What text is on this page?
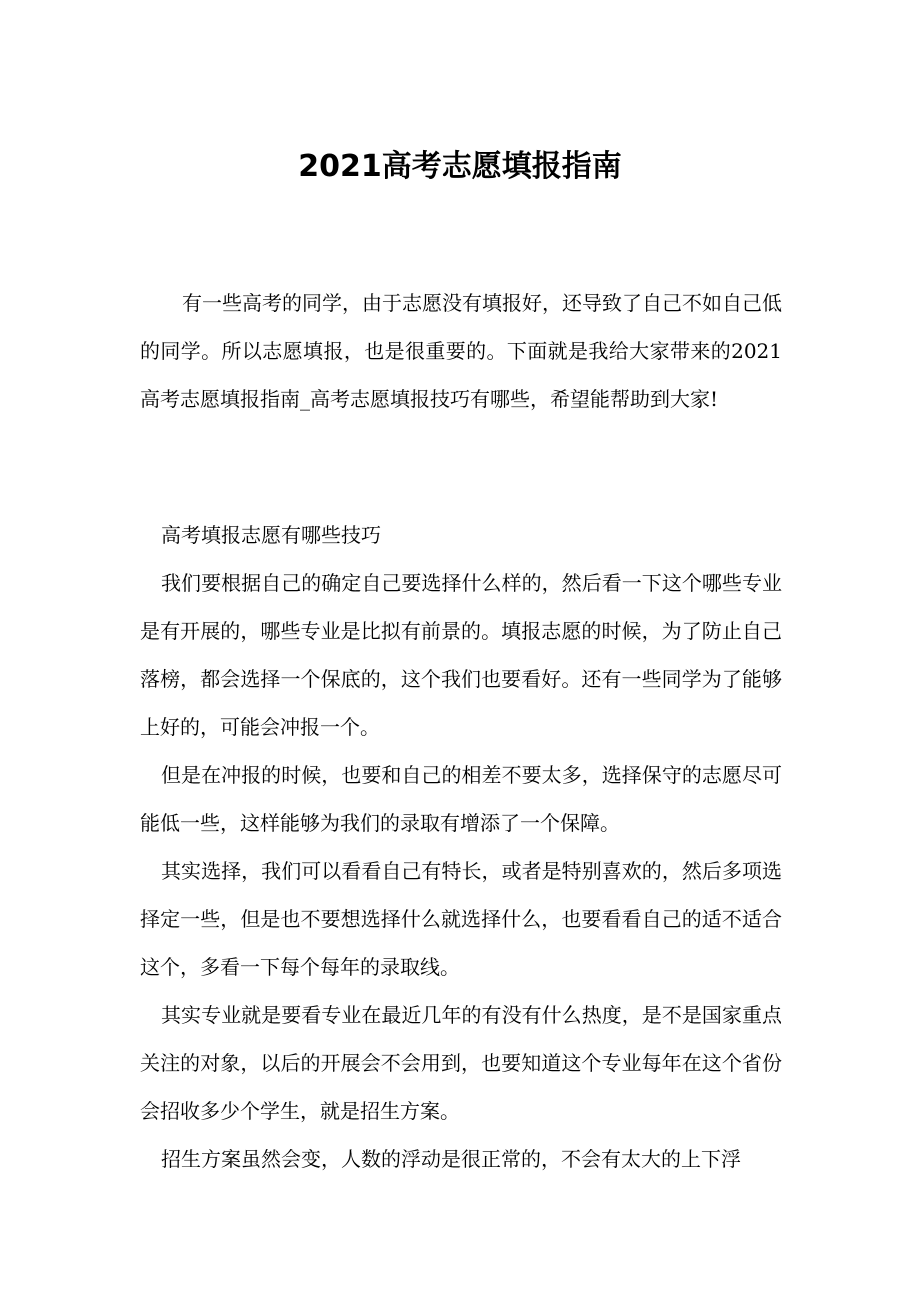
2021高考志愿填报指南

有一些高考的同学，由于志愿没有填报好，还导致了自己不如自己低的同学。所以志愿填报，也是很重要的。下面就是我给大家带来的2021高考志愿填报指南_高考志愿填报技巧有哪些，希望能帮助到大家!

高考填报志愿有哪些技巧

我们要根据自己的确定自己要选择什么样的，然后看一下这个哪些专业是有开展的，哪些专业是比拟有前景的。填报志愿的时候，为了防止自己落榜，都会选择一个保底的，这个我们也要看好。还有一些同学为了能够上好的，可能会冲报一个。

但是在冲报的时候，也要和自己的相差不要太多，选择保守的志愿尽可能低一些，这样能够为我们的录取有增添了一个保障。

其实选择，我们可以看看自己有特长，或者是特别喜欢的，然后多项选择定一些，但是也不要想选择什么就选择什么，也要看看自己的适不适合这个，多看一下每个每年的录取线。

其实专业就是要看专业在最近几年的有没有什么热度，是不是国家重点关注的对象，以后的开展会不会用到，也要知道这个专业每年在这个省份会招收多少个学生，就是招生方案。

招生方案虽然会变，人数的浮动是很正常的，不会有太大的上下浮
